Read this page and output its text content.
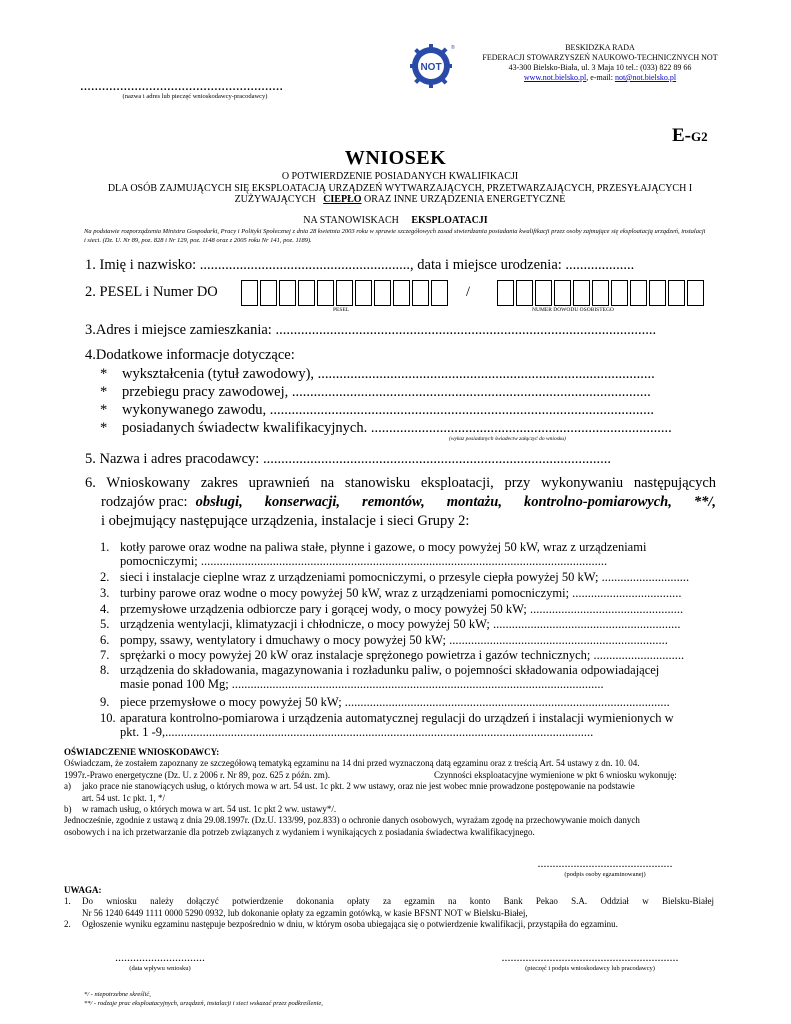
........................................................
(nazwa i adres lub pieczęć wnioskodawcy-pracodawcy)
NOT
®	BESKIDZKA RADA
FEDERACJI STOWARZYSZEŃ NAUKOWO-TECHNICZNYCH NOT
43-300 Bielsko-Biała, ul. 3 Maja 10 tel.: (033) 822 89 66
www.not.bielsko.pl, e-mail: not@not.bielsko.pl
E-G2
WNIOSEK
O POTWIERDZENIE POSIADANYCH KWALIFIKACJI
DLA OSÓB ZAJMUJĄCYCH SIĘ EKSPLOATACJĄ URZĄDZEŃ WYTWARZAJĄCYCH, PRZETWARZAJĄCYCH, PRZESYŁAJĄCYCH I
ZUŻYWAJĄCYCH CIEPŁO ORAZ INNE URZĄDZENIA ENERGETYCZNE
NA STANOWISKACH EKSPLOATACJI
Na podstawie rozporządzenia Ministra Gospodarki, Pracy i Polityki Społecznej z dnia 28 kwietnia 2003 roku w sprawie szczegółowych zasad stwierdzania posiadania kwalifikacji przez osoby zajmujące się eksploatacją urządzeń, instalacji i sieci. (Dz. U. Nr 89, poz. 828 i Nr 129, poz. 1148 oraz z 2005 roku Nr 141, poz. 1189).
1. Imię i nazwisko: .........................................................., data i miejsce urodzenia: ...................
2. PESEL i Numer DO
PESEL
/
NUMER DOWODU OSOBISTEGO
3.Adres i miejsce zamieszkania: .........................................................................................................
4.Dodatkowe informacje dotyczące:
* wykształcenia (tytuł zawodowy), .............................................................................................
* przebiegu pracy zawodowej, ...................................................................................................
* wykonywanego zawodu, ..........................................................................................................
* posiadanych świadectw kwalifikacyjnych. ...................................................................................
(wykaz posiadanych świadectw załączyć do wniosku)
5. Nazwa i adres pracodawcy: ................................................................................................
6. Wnioskowany zakres uprawnień na stanowisku eksploatacji, przy wykonywaniu następujących
rodzajów prac: obsługi, konserwacji, remontów, montażu, kontrolno-pomiarowych, **/,
i obejmujący następujące urządzenia, instalacje i sieci Grupy 2:
1. kotły parowe oraz wodne na paliwa stałe, płynne i gazowe, o mocy powyżej 50 kW, wraz z urządzeniami
pomocniczymi; ..................................................................................................................................
2. sieci i instalacje cieplne wraz z urządzeniami pomocniczymi, o przesyle ciepła powyżej 50 kW; ............................
3. turbiny parowe oraz wodne o mocy powyżej 50 kW, wraz z urządzeniami pomocniczymi; ...................................
4. przemysłowe urządzenia odbiorcze pary i gorącej wody, o mocy powyżej 50 kW; .................................................
5. urządzenia wentylacji, klimatyzacji i chłodnicze, o mocy powyżej 50 kW; ............................................................
6. pompy, ssawy, wentylatory i dmuchawy o mocy powyżej 50 kW; ......................................................................
7. sprężarki o mocy powyżej 20 kW oraz instalacje sprężonego powietrza i gazów technicznych; .............................
8. urządzenia do składowania, magazynowania i rozładunku paliw, o pojemności składowania odpowiadającej
masie ponad 100 Mg; .......................................................................................................................
9. piece przemysłowe o mocy powyżej 50 kW; ........................................................................................................
10. aparatura kontrolno-pomiarowa i urządzenia automatycznej regulacji do urządzeń i instalacji wymienionych w
pkt. 1 -9,.........................................................................................................................................
OŚWIADCZENIE WNIOSKODAWCY:
Oświadczam, że zostałem zapoznany ze szczegółową tematyką egzaminu na 14 dni przed wyznaczoną datą egzaminu oraz z treścią Art. 54 ustawy z dn. 10. 04.
1997r.-Prawo energetyczne (Dz. U. z 2006 r. Nr 89, poz. 625 z późn. zm).	Czynności eksploatacyjne wymienione w pkt 6 wniosku wykonuję:
a)	jako prace nie stanowiących usług, o których mowa w art. 54 ust. 1c pkt. 2 ww ustawy, oraz nie jest wobec mnie prowadzone postępowanie na podstawie
art. 54 ust. 1c pkt. 1, */
b)	w ramach usług, o których mowa w art. 54 ust. 1c pkt 2 ww. ustawy*/.
Jednocześnie, zgodnie z ustawą z dnia 29.08.1997r. (Dz.U. 133/99, poz.833) o ochronie danych osobowych, wyrażam zgodę na przechowywanie moich danych
osobowych i na ich przetwarzanie dla potrzeb związanych z wydaniem i wynikających z posiadania świadectwa kwalifikacyjnego.
.............................................
(podpis osoby egzaminowanej)
UWAGA:
1.	Do wniosku należy dołączyć potwierdzenie dokonania opłaty za egzamin na konto Bank Pekao S.A. Oddział w Bielsku-Białej
Nr 56 1240 6449 1111 0000 5290 0932, lub dokonanie opłaty za egzamin gotówką, w kasie BFSNT NOT w Bielsku-Białej,
2.	Ogłoszenie wyniku egzaminu następuje bezpośrednio w dniu, w którym osoba ubiegająca się o potwierdzenie kwalifikacji, przystąpiła do egzaminu.
..............................
(data wpływu wniosku)
...........................................................
(pieczęć i podpis wnioskodawcy lub pracodawcy)
*/ - niepotrzebne skreślić,
**/ - rodzaje prac eksploatacyjnych, urządzeń, instalacji i sieci wskazać przez podkreślenie,
